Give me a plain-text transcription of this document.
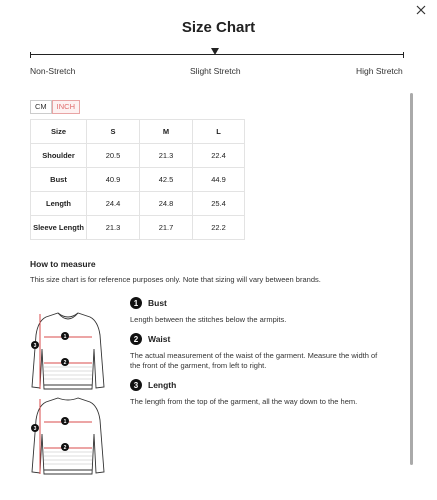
Size Chart
Non-Stretch	Slight Stretch	High Stretch
CM	INCH
Size	S	M	L
Shoulder	20.5	21.3	22.4
Bust	40.9	42.5	44.9
Length	24.4	24.8	25.4
Sleeve Length	21.3	21.7	22.2
How to measure
This size chart is for reference purposes only. Note that sizing will vary between brands.
1
2
3
1
2
3
1	Bust
Length between the stitches below the armpits.
2	Waist
The actual measurement of the waist of the garment. Measure the width of the front of the garment, from left to right.
3	Length
The length from the top of the garment, all the way down to the hem.
